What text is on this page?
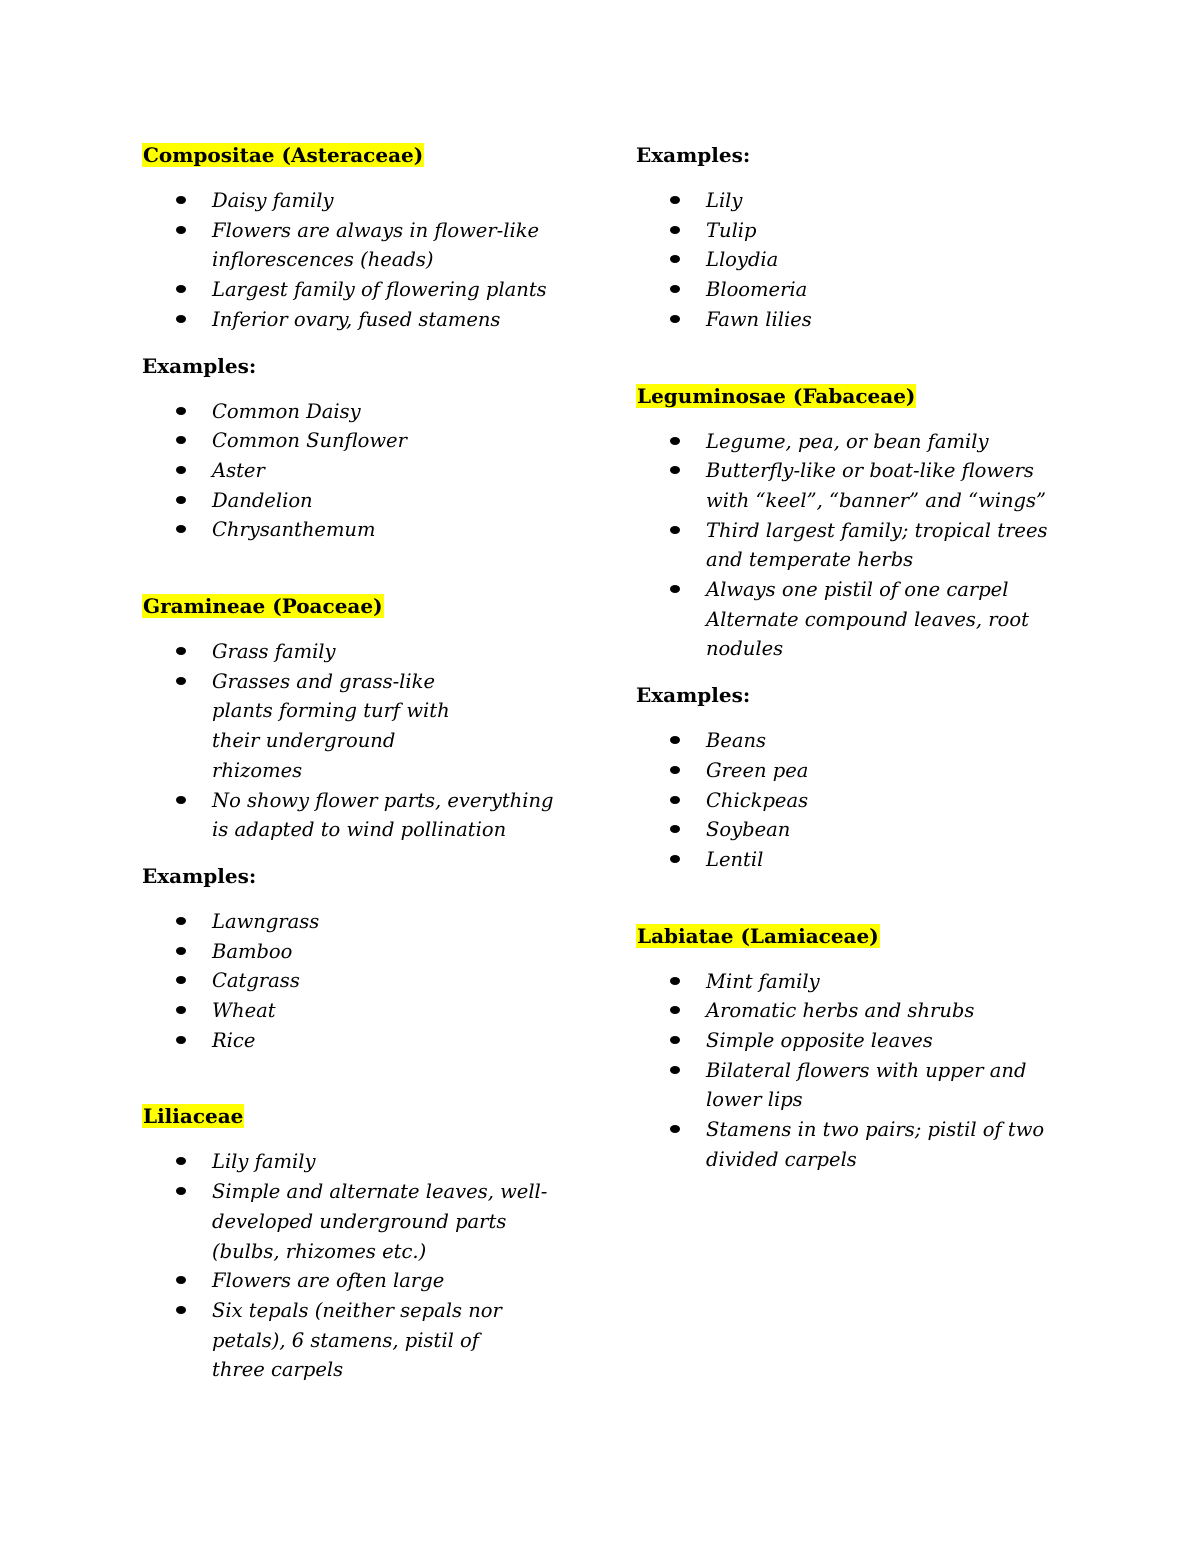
Compositae (Asteraceae)

Daisy family
Flowers are always in flower-like inflorescences (heads)
Largest family of flowering plants
Inferior ovary, fused stamens

Examples:

Common Daisy
Common Sunflower
Aster
Dandelion
Chrysanthemum

Gramineae (Poaceae)

Grass family
Grasses and grass-like plants forming turf with their underground rhizomes
No showy flower parts, everything is adapted to wind pollination

Examples:

Lawngrass
Bamboo
Catgrass
Wheat
Rice

Liliaceae

Lily family
Simple and alternate leaves, well-developed underground parts (bulbs, rhizomes etc.)
Flowers are often large
Six tepals (neither sepals nor petals), 6 stamens, pistil of three carpels

Examples:

Lily
Tulip
Lloydia
Bloomeria
Fawn lilies

Leguminosae (Fabaceae)

Legume, pea, or bean family
Butterfly-like or boat-like flowers with “keel”, “banner” and “wings”
Third largest family; tropical trees and temperate herbs
Always one pistil of one carpel Alternate compound leaves, root nodules

Examples:

Beans
Green pea
Chickpeas
Soybean
Lentil

Labiatae (Lamiaceae)

Mint family
Aromatic herbs and shrubs
Simple opposite leaves
Bilateral flowers with upper and lower lips
Stamens in two pairs; pistil of two divided carpels
